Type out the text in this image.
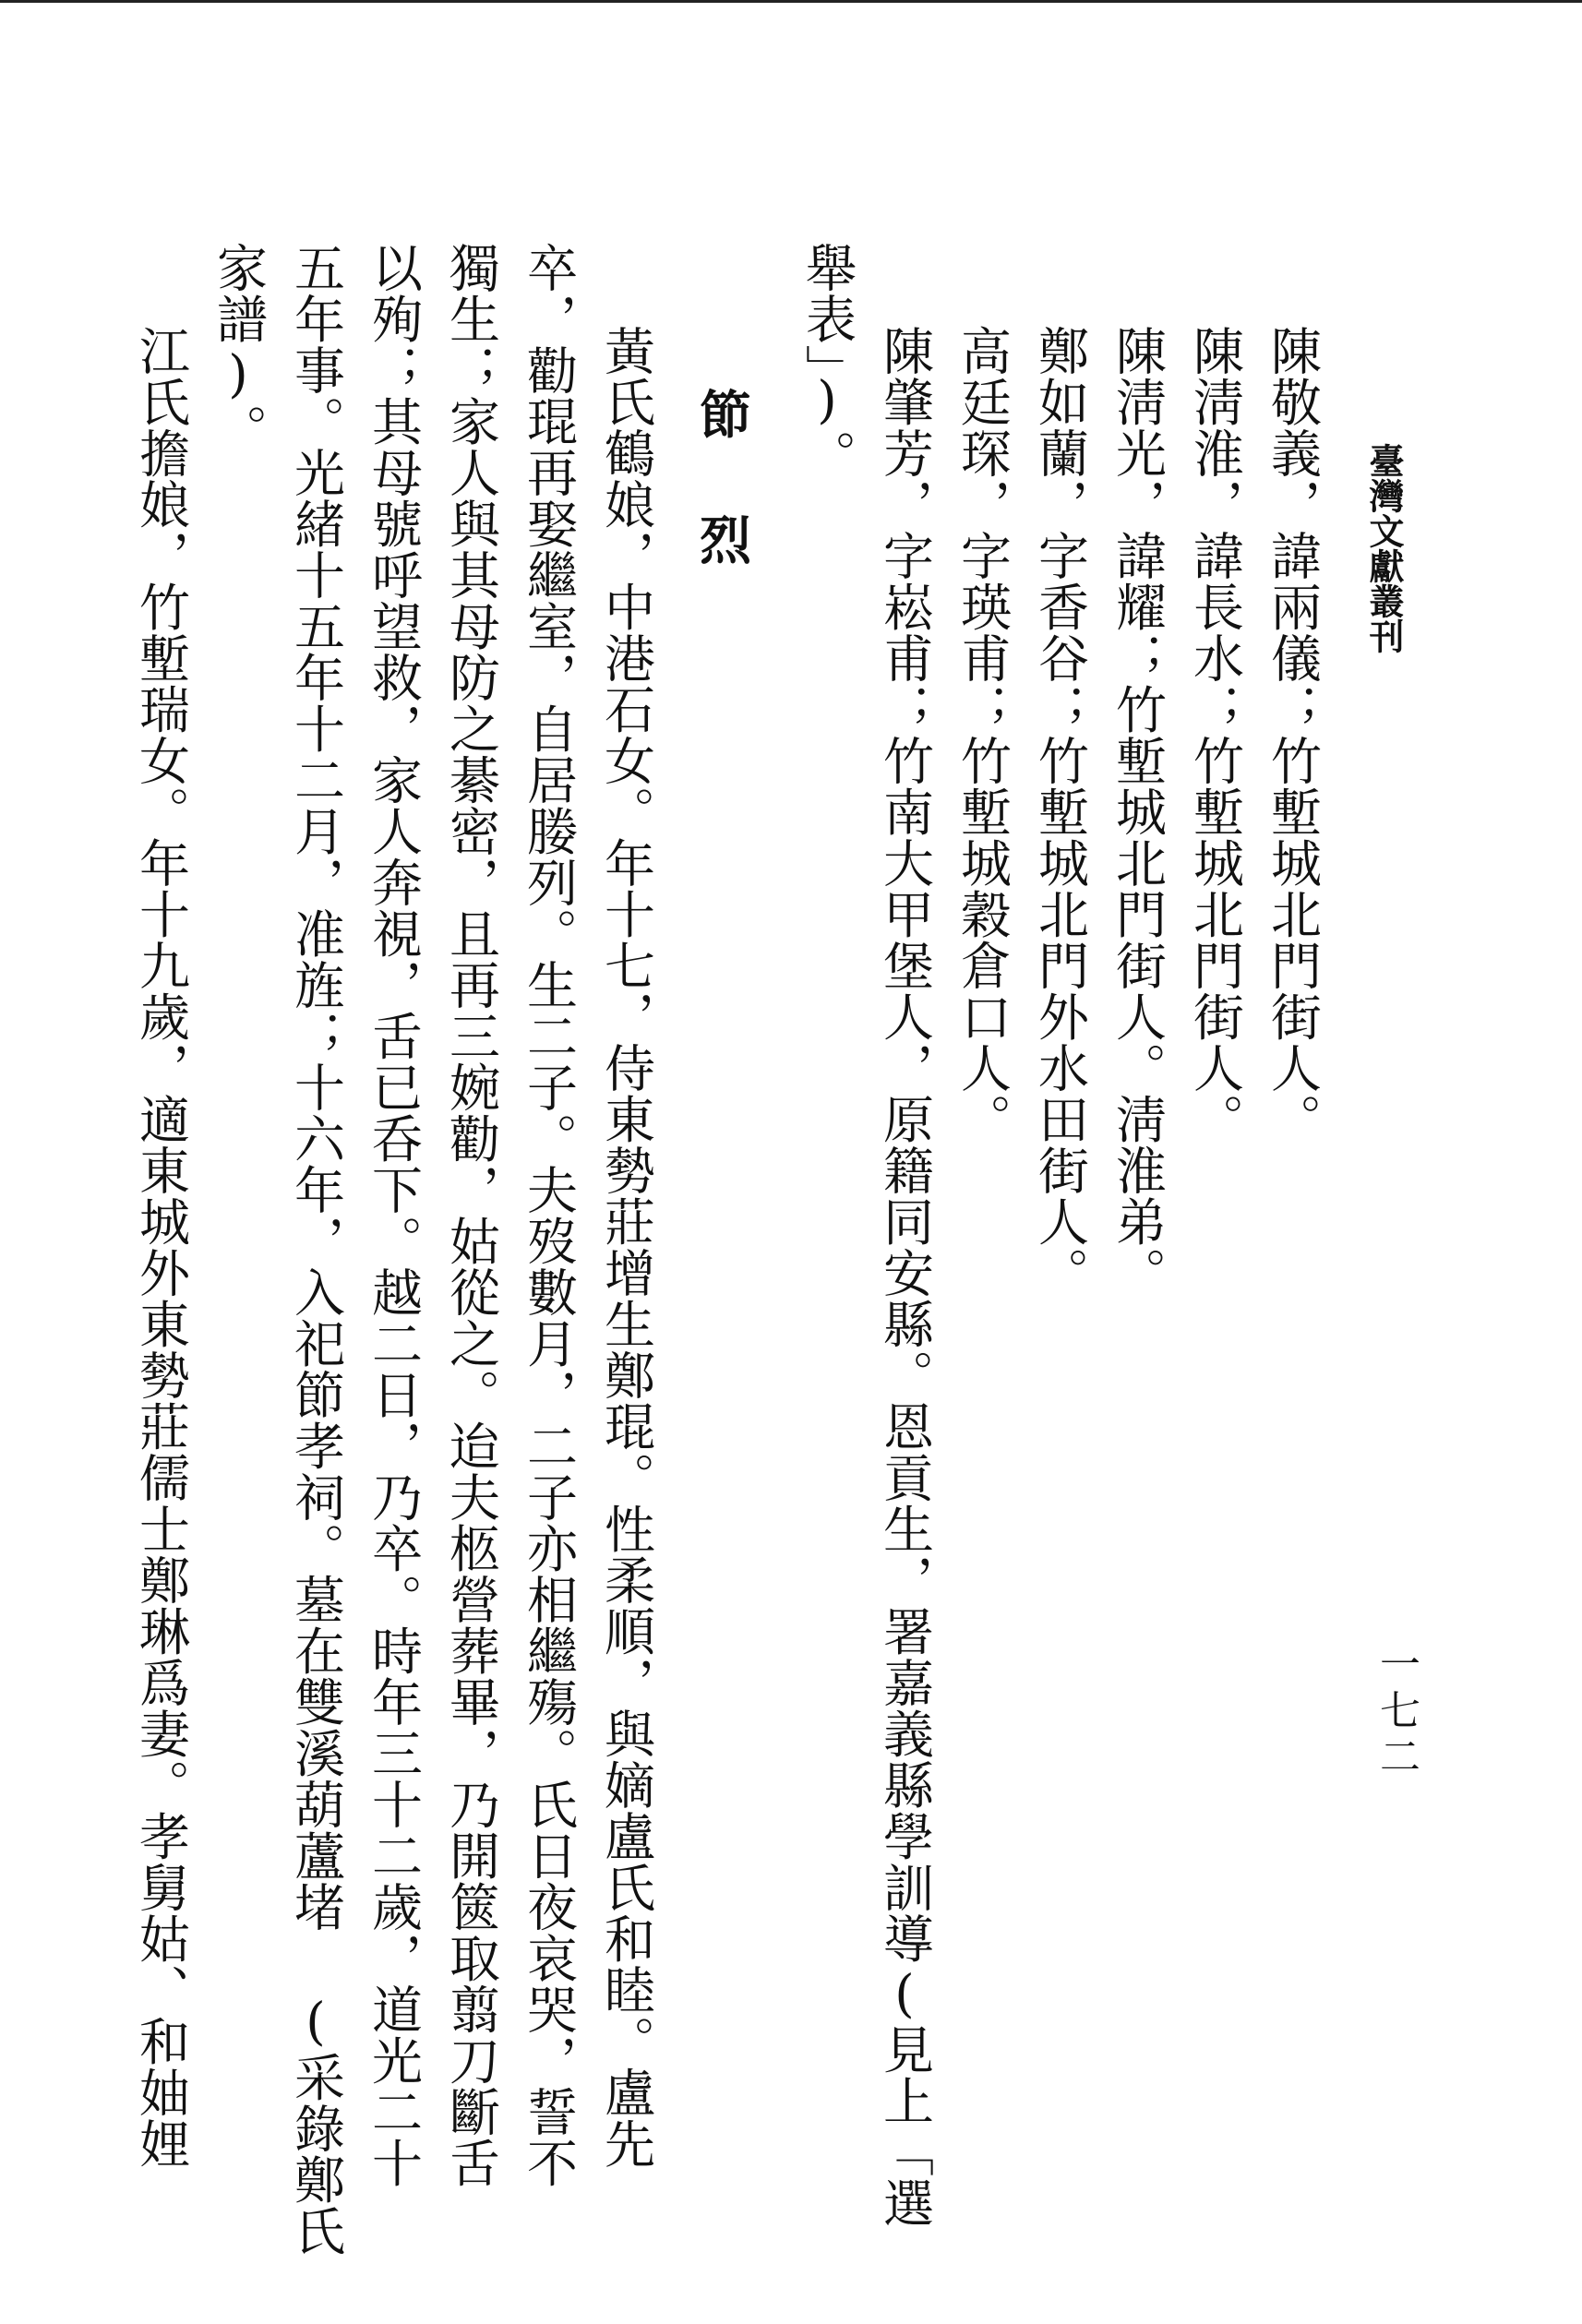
臺灣文獻叢刊
一七二
陳敬義，諱兩儀；竹塹城北門街人。
陳淸淮，諱長水；竹塹城北門街人。
陳淸光，諱耀；竹塹城北門街人。淸淮弟。
鄭如蘭，字香谷；竹塹城北門外水田街人。
高廷琛，字瑛甫；竹塹城穀倉口人。
陳肇芳，字崧甫；竹南大甲堡人，原籍同安縣。恩貢生，署嘉義縣學訓導(見上「選
舉表」)。
節烈
黃氏鶴娘，中港石女。年十七，侍東勢莊增生鄭琨。性柔順，與嫡盧氏和睦。盧先
卒，勸琨再娶繼室，自居媵列。生二子。夫歿數月，二子亦相繼殤。氏日夜哀哭，誓不
獨生；家人與其母防之綦密，且再三婉勸，姑從之。迨夫柩營葬畢，乃開篋取翦刀斷舌
以殉；其母號呼望救，家人奔視，舌已呑下。越二日，乃卒。時年三十二歲，道光二十
五年事。光緒十五年十二月，准旌；十六年，入祀節孝祠。墓在雙溪葫蘆堵 (采錄鄭氏
家譜)。
江氏擔娘，竹塹瑞女。年十九歲，適東城外東勢莊儒士鄭琳爲妻。孝舅姑、和妯娌
